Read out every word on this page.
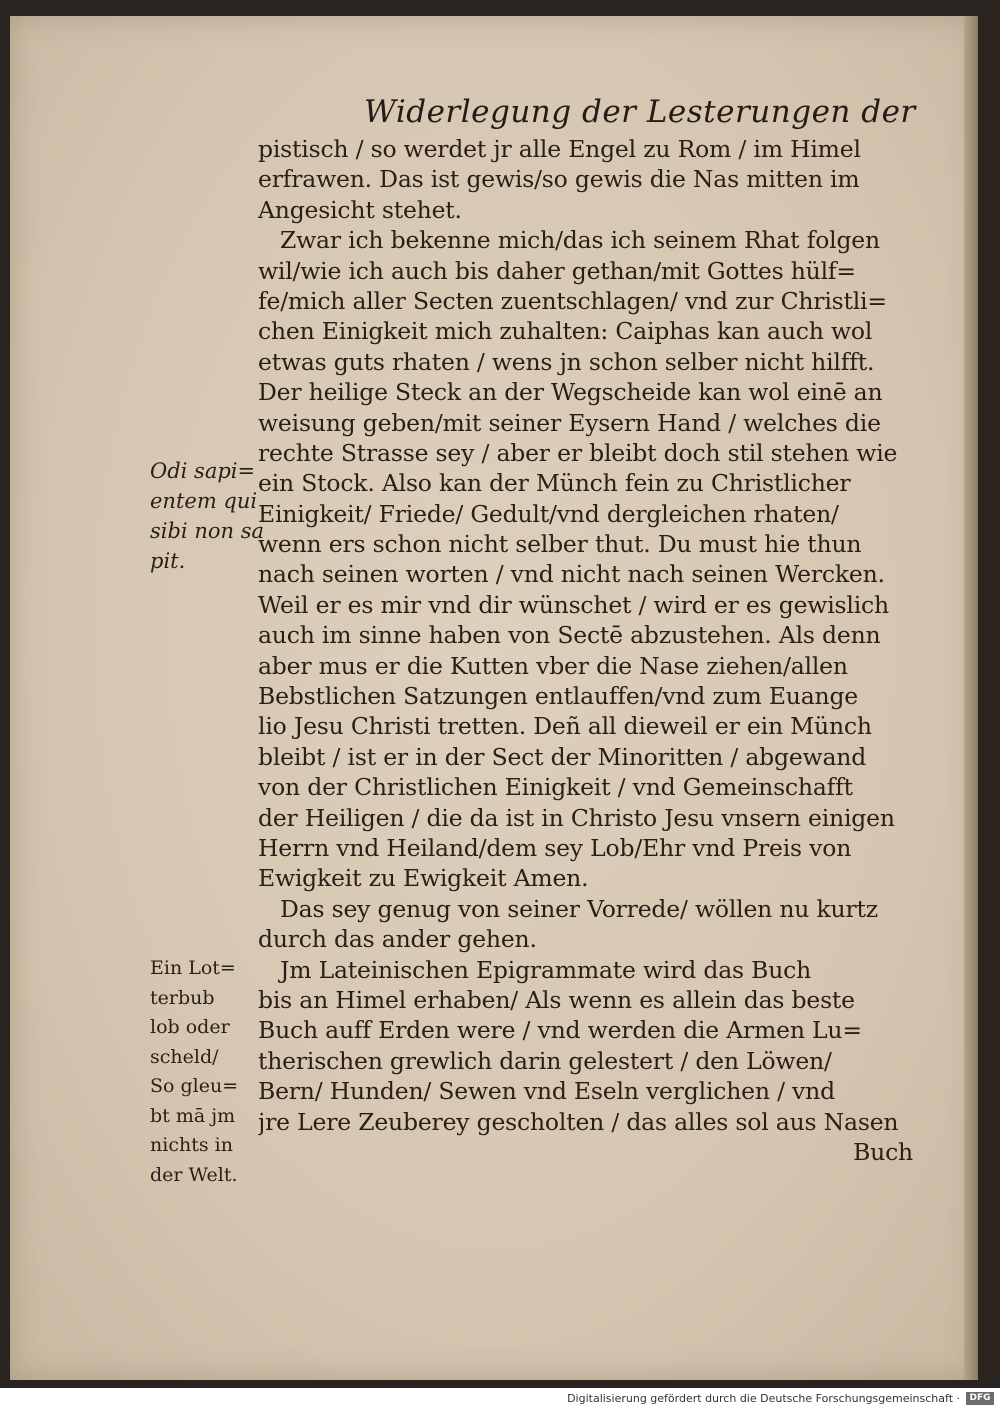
Widerlegung der Lesterungen der
pistisch / so werdet jr alle Engel zu Rom / im Himel
erfrawen. Das ist gewis/so gewis die Nas mitten im
Angesicht stehet.
Zwar ich bekenne mich/das ich seinem Rhat folgen
wil/wie ich auch bis daher gethan/mit Gottes hülf=
fe/mich aller Secten zuentschlagen/ vnd zur Christli=
chen Einigkeit mich zuhalten: Caiphas kan auch wol
etwas guts rhaten / wens jn schon selber nicht hilfft.
Der heilige Steck an der Wegscheide kan wol einē an
weisung geben/mit seiner Eysern Hand / welches die
rechte Strasse sey / aber er bleibt doch stil stehen wie
ein Stock. Also kan der Münch fein zu Christlicher
Einigkeit/ Friede/ Gedult/vnd dergleichen rhaten/
wenn ers schon nicht selber thut. Du must hie thun
nach seinen worten / vnd nicht nach seinen Wercken.
Weil er es mir vnd dir wünschet / wird er es gewislich
auch im sinne haben von Sectē abzustehen. Als denn
aber mus er die Kutten vber die Nase ziehen/allen
Bebstlichen Satzungen entlauffen/vnd zum Euange
lio Jesu Christi tretten. Deñ all dieweil er ein Münch
bleibt / ist er in der Sect der Minoritten / abgewand
von der Christlichen Einigkeit / vnd Gemeinschafft
der Heiligen / die da ist in Christo Jesu vnsern einigen
Herrn vnd Heiland/dem sey Lob/Ehr vnd Preis von
Ewigkeit zu Ewigkeit Amen.
Das sey genug von seiner Vorrede/ wöllen nu kurtz
durch das ander gehen.
Jm Lateinischen Epigrammate wird das Buch
bis an Himel erhaben/ Als wenn es allein das beste
Buch auff Erden were / vnd werden die Armen Lu=
therischen grewlich darin gelestert / den Löwen/
Bern/ Hunden/ Sewen vnd Eseln verglichen / vnd
jre Lere Zeuberey gescholten / das alles sol aus Nasen
Buch
Odi sapi=
entem qui
sibi non sa
pit.
Ein Lot=
terbub
lob oder
scheld/
So gleu=
bt mā jm
nichts in
der Welt.
Digitalisierung gefördert durch die Deutsche Forschungsgemeinschaft ·	DFG
